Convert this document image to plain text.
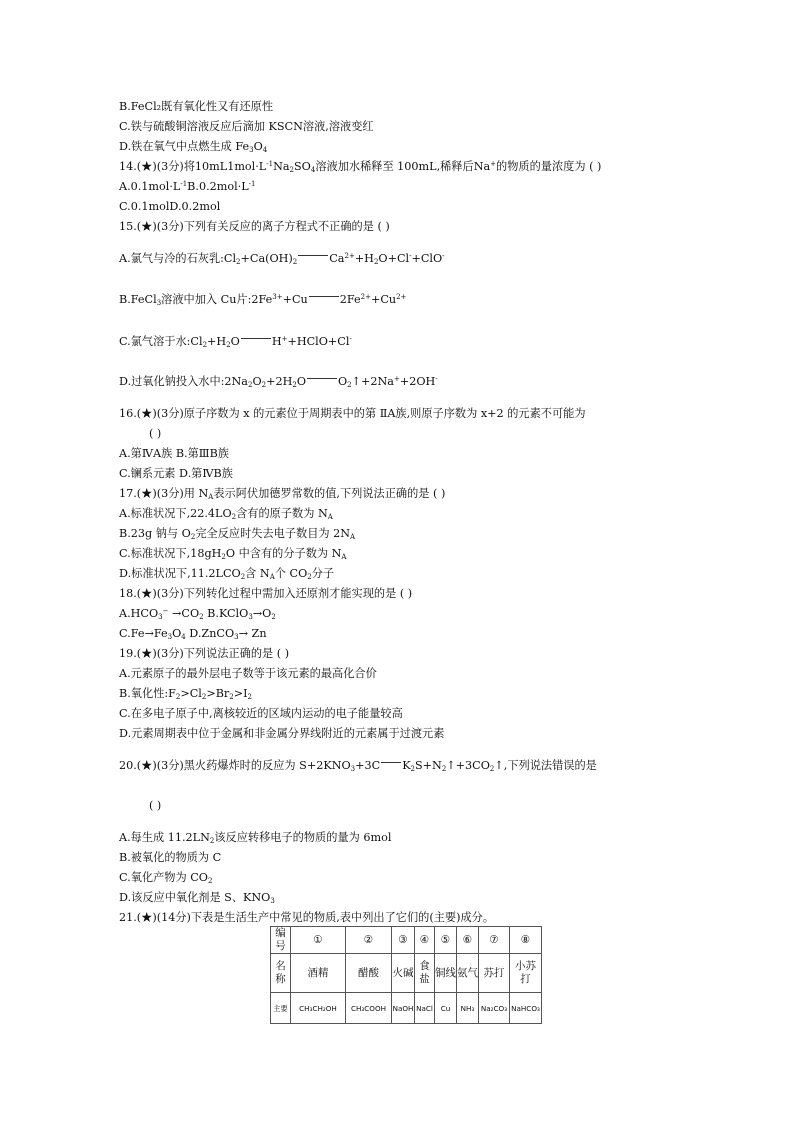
B.FeCl₂既有氧化性又有还原性
C.铁与硫酸铜溶液反应后滴加 KSCN溶液,溶液变红
D.铁在氧气中点燃生成 $Fe_3O_4$
14.(★)(3分)将$10mL1mol\cdot L^{-1}Na_2SO_4$溶液加水稀释至 100mL,稀释后Na+的物质的量浓度为 ( )
$A.0.1mol\cdot L^{-1}B.0.2mol\cdot L^{-1}$
C.0.1molD.0.2mol
15.(★)(3分)下列有关反应的离子方程式不正确的是 ( )
A.氯气与冷的石灰乳$:Cl_2+Ca(OH)_2$	$Ca^{2+}+H_2O+Cl^-+ClO^-$
B.FeCl$_3$溶液中加入 Cu片$:2Fe^{3+}+Cu$	$2Fe^{2+}+Cu^{2+}$
C.氯气溶于水$:Cl_2+H_2O$	H++HClO+Cl-
D.过氧化钠投入水中$:2Na_2O_2+2H_2O$	$O_2↑+2Na^++2OH^-$
16.(★)(3分)原子序数为 x 的元素位于周期表中的第 ⅡA族,则原子序数为 x+2 的元素不可能为
( )
A.第ⅣA族 B.第ⅢB族
C.镧系元素 D.第ⅣB族
17.(★)(3分)用 $N_A$表示阿伏加德罗常数的值,下列说法正确的是 ( )
A.标准状况下$,22.4LO_2$含有的原子数为 $N_A$
B.23g 钠与 $O_2$完全反应时失去电子数目为 $2N_A$
C.标准状况下$,18gH_2O$ 中含有的分子数为 $N_A$
D.标准状况下$,11.2LCO_2$含 $N_A$个 $CO_2$分子
18.(★)(3分)下列转化过程中需加入还原剂才能实现的是 ( )
$A.HCO_3^- \to CO_2$ $B.KClO_3\to O_2$
$C.Fe\to Fe_3O_4$ D.ZnCO$_3$→ Zn
19.(★)(3分)下列说法正确的是 ( )
A.元素原子的最外层电子数等于该元素的最高化合价
B.氧化性$:F_2>Cl_2>Br_2>I_2$
C.在多电子原子中,离核较近的区域内运动的电子能量较高
D.元素周期表中位于金属和非金属分界线附近的元素属于过渡元素
20.(★)(3分)黑火药爆炸时的反应为 $S+2KNO_3+3C$ $K_2S+N_2↑+3CO_2↑$,下列说法错误的是
( )
A.每生成 $11.2LN_2$该反应转移电子的物质的量为 6mol
B.被氧化的物质为 C
C.氧化产物为 $CO_2$
D.该反应中氧化剂是 S、$KNO_3$
21.(★)(14分)下表是生活生产中常见的物质,表中列出了它们的(主要)成分。
编号	①	②	③	④	⑤	⑥	⑦	⑧
名称	酒精	醋酸	火碱	食盐	铜线	氨气	苏打	小苏打
主要	CH₃CH₂OH	CH₃COOH	NaOH	NaCl	Cu	NH₃	Na₂CO₃	NaHCO₃
